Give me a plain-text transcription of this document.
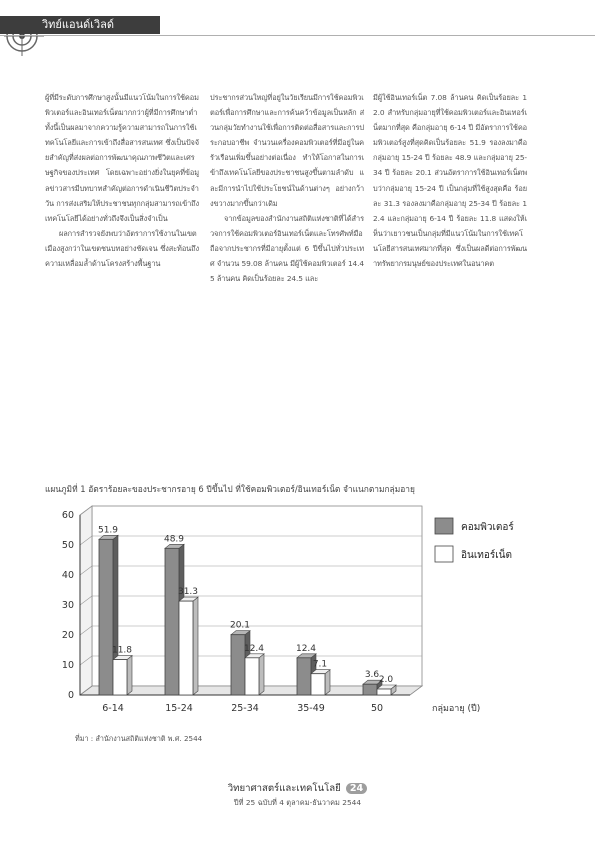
วิทย์แอนด์เวิลด์

ผู้ที่มีระดับการศึกษาสูงนั้นมีแนวโน้มในการใช้คอมพิวเตอร์และอินเทอร์เน็ตมากกว่าผู้ที่มีการศึกษาต่ำ ทั้งนี้เป็นผลมาจากความรู้ความสามารถในการใช้เทคโนโลยีและการเข้าถึงสื่อสารสนเทศ ซึ่งเป็นปัจจัยสำคัญที่ส่งผลต่อการพัฒนาคุณภาพชีวิตและเศรษฐกิจของประเทศ โดยเฉพาะอย่างยิ่งในยุคที่ข้อมูลข่าวสารมีบทบาทสำคัญต่อการดำเนินชีวิตประจำวัน การส่งเสริมให้ประชาชนทุกกลุ่มสามารถเข้าถึงเทคโนโลยีได้อย่างทั่วถึงจึงเป็นสิ่งจำเป็น

ผลการสำรวจยังพบว่าอัตราการใช้งานในเขตเมืองสูงกว่าในเขตชนบทอย่างชัดเจน ซึ่งสะท้อนถึงความเหลื่อมล้ำด้านโครงสร้างพื้นฐาน

ประชากรส่วนใหญ่ที่อยู่ในวัยเรียนมีการใช้คอมพิวเตอร์เพื่อการศึกษาและการค้นคว้าข้อมูลเป็นหลัก ส่วนกลุ่มวัยทำงานใช้เพื่อการติดต่อสื่อสารและการประกอบอาชีพ จำนวนเครื่องคอมพิวเตอร์ที่มีอยู่ในครัวเรือนเพิ่มขึ้นอย่างต่อเนื่อง ทำให้โอกาสในการเข้าถึงเทคโนโลยีของประชาชนสูงขึ้นตามลำดับ และมีการนำไปใช้ประโยชน์ในด้านต่างๆ อย่างกว้างขวางมากขึ้นกว่าเดิม

จากข้อมูลของสำนักงานสถิติแห่งชาติที่ได้สำรวจการใช้คอมพิวเตอร์อินเทอร์เน็ตและโทรศัพท์มือถือจากประชากรที่มีอายุตั้งแต่ 6 ปีขึ้นไปทั่วประเทศ จำนวน 59.08 ล้านคน มีผู้ใช้คอมพิวเตอร์ 14.45 ล้านคน คิดเป็นร้อยละ 24.5 และ

มีผู้ใช้อินเทอร์เน็ต 7.08 ล้านคน คิดเป็นร้อยละ 12.0 สำหรับกลุ่มอายุที่ใช้คอมพิวเตอร์และอินเทอร์เน็ตมากที่สุด คือกลุ่มอายุ 6-14 ปี มีอัตราการใช้คอมพิวเตอร์สูงที่สุดคิดเป็นร้อยละ 51.9 รองลงมาคือกลุ่มอายุ 15-24 ปี ร้อยละ 48.9 และกลุ่มอายุ 25-34 ปี ร้อยละ 20.1 ส่วนอัตราการใช้อินเทอร์เน็ตพบว่ากลุ่มอายุ 15-24 ปี เป็นกลุ่มที่ใช้สูงสุดคือ ร้อยละ 31.3 รองลงมาคือกลุ่มอายุ 25-34 ปี ร้อยละ 12.4 และกลุ่มอายุ 6-14 ปี ร้อยละ 11.8 แสดงให้เห็นว่าเยาวชนเป็นกลุ่มที่มีแนวโน้มในการใช้เทคโนโลยีสารสนเทศมากที่สุด ซึ่งเป็นผลดีต่อการพัฒนาทรัพยากรมนุษย์ของประเทศในอนาคต

แผนภูมิที่ 1 อัตราร้อยละของประชากรอายุ 6 ปีขึ้นไป ที่ใช้คอมพิวเตอร์/อินเทอร์เน็ต จำแนกตามกลุ่มอายุ
0
10
20
30
40
50
60
51.9
11.8
6-14
48.9
31.3
15-24
20.1
12.4
25-34
12.4
7.1
35-49
3.6 2.0
50	กลุ่มอายุ (ปี)
คอมพิวเตอร์
อินเทอร์เน็ต
ที่มา : สำนักงานสถิติแห่งชาติ พ.ศ. 2544
วิทยาศาสตร์และเทคโนโลยี 24
ปีที่ 25 ฉบับที่ 4 ตุลาคม-ธันวาคม 2544
